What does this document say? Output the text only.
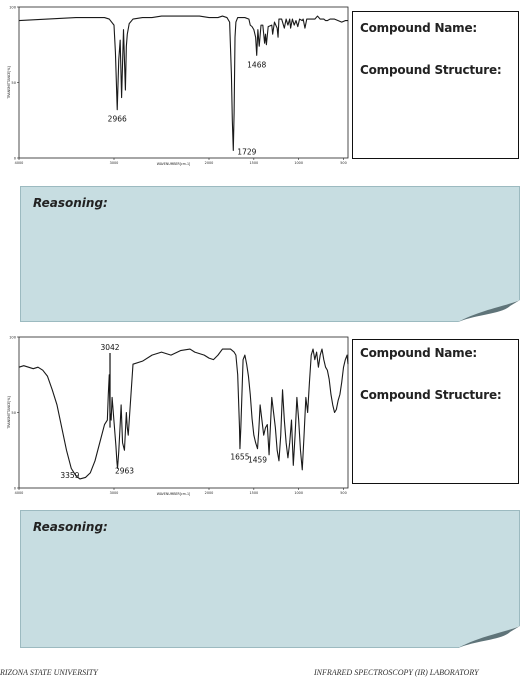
100
50
0
4000	3000	2000	1500	1000	500
TRANSMITTANCE[%]
WAVENUMBER[cm-1]
2966
1729
1468
Compound Name:
Compound Structure:
Reasoning:
100
50
0
4000	3000	2000	1500	1000	500
TRANSMITTANCE[%]
WAVENUMBER[cm-1]
3042
3359
2963
1655
1459
Compound Name:
Compound Structure:
Reasoning:
RIZONA STATE UNIVERSITY	INFRARED SPECTROSCOPY (IR) LABORATORY
